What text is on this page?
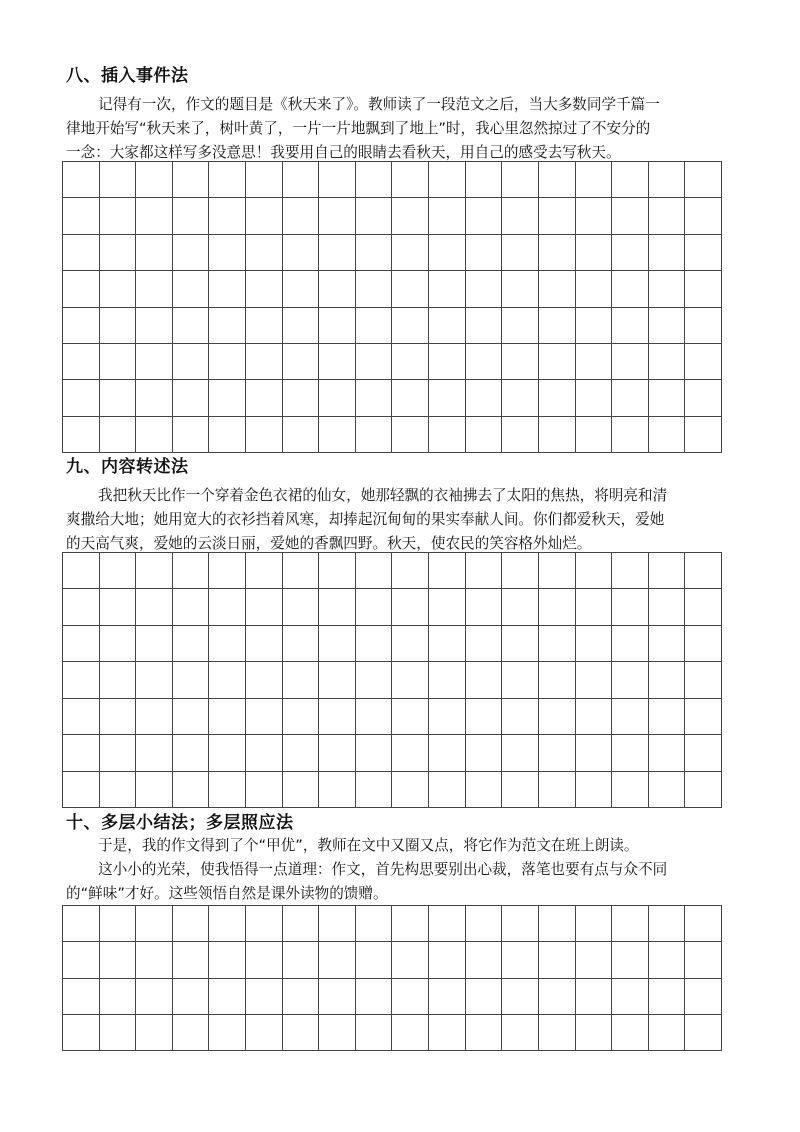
八、插入事件法
记得有一次，作文的题目是《秋天来了》。教师读了一段范文之后，当大多数同学千篇一
律地开始写“秋天来了，树叶黄了，一片一片地飘到了地上”时，我心里忽然掠过了不安分的
一念：大家都这样写多没意思！我要用自己的眼睛去看秋天，用自己的感受去写秋天。
九、内容转述法
我把秋天比作一个穿着金色衣裙的仙女，她那轻飘的衣袖拂去了太阳的焦热，将明亮和清
爽撒给大地；她用宽大的衣衫挡着风寒，却捧起沉甸甸的果实奉献人间。你们都爱秋天，爱她
的天高气爽，爱她的云淡日丽，爱她的香飘四野。秋天，使农民的笑容格外灿烂。
十、多层小结法；多层照应法
于是，我的作文得到了个“甲优”，教师在文中又圈又点，将它作为范文在班上朗读。
这小小的光荣，使我悟得一点道理：作文，首先构思要别出心裁，落笔也要有点与众不同
的“鲜味”才好。这些领悟自然是课外读物的馈赠。
